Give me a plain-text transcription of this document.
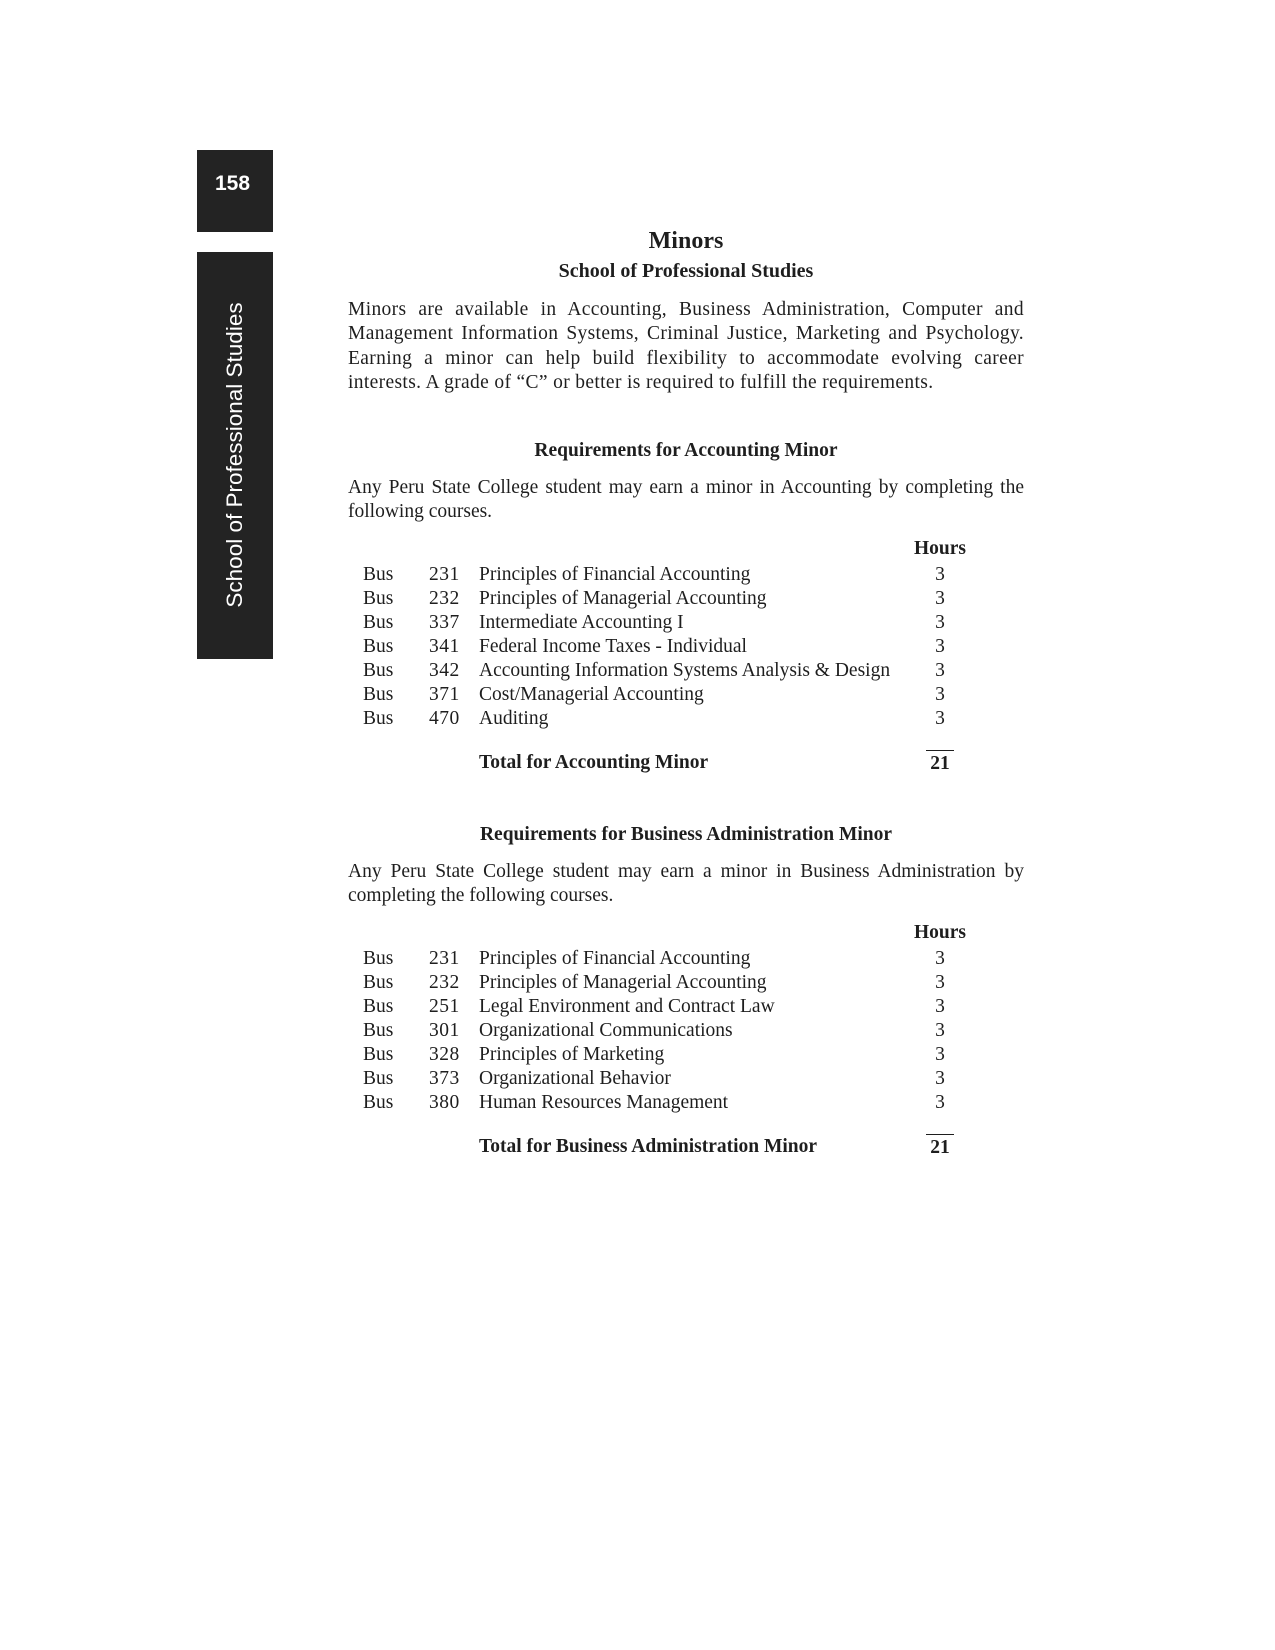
158
School of Professional Studies
Minors
School of Professional Studies

Minors are available in Accounting, Business Administration, Computer and Management Information Systems, Criminal Justice, Marketing and Psychology. Earning a minor can help build flexibility to accommodate evolving career interests. A grade of “C” or better is required to fulfill the requirements.

Requirements for Accounting Minor

Any Peru State College student may earn a minor in Accounting by completing the following courses.

Hours
Bus 231 Principles of Financial Accounting	3
Bus 232 Principles of Managerial Accounting	3
Bus 337 Intermediate Accounting I	3
Bus 341 Federal Income Taxes - Individual	3
Bus 342 Accounting Information Systems Analysis & Design	3
Bus 371 Cost/Managerial Accounting	3
Bus 470 Auditing	3
Total for Accounting Minor	21
Requirements for Business Administration Minor

Any Peru State College student may earn a minor in Business Administration by completing the following courses.

Hours
Bus 231 Principles of Financial Accounting	3
Bus 232 Principles of Managerial Accounting	3
Bus 251 Legal Environment and Contract Law	3
Bus 301 Organizational Communications	3
Bus 328 Principles of Marketing	3
Bus 373 Organizational Behavior	3
Bus 380 Human Resources Management	3
Total for Business Administration Minor	21
